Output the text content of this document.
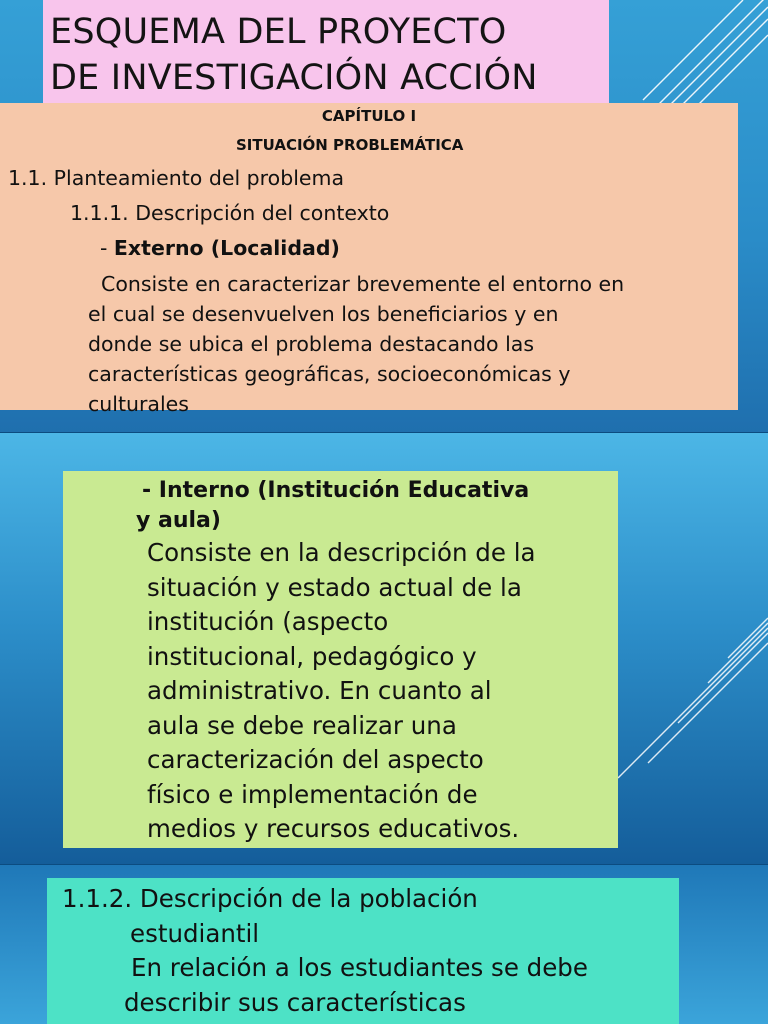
ESQUEMA DEL PROYECTO
DE INVESTIGACIÓN ACCIÓN
CAPÍTULO I
SITUACIÓN PROBLEMÁTICA
1.1. Planteamiento del problema
1.1.1. Descripción del contexto
- Externo (Localidad)
Consiste en caracterizar brevemente el entorno en
el cual se desenvuelven los beneficiarios y en
donde se ubica el problema destacando las
características geográficas, socioeconómicas y
culturales
- Interno (Institución Educativa
y aula)
Consiste en la descripción de la
situación y estado actual de la
institución (aspecto
institucional, pedagógico y
administrativo. En cuanto al
aula se debe realizar una
caracterización del aspecto
físico e implementación de
medios y recursos educativos.
1.1.2. Descripción de la población
estudiantil
En relación a los estudiantes se debe
describir sus características
